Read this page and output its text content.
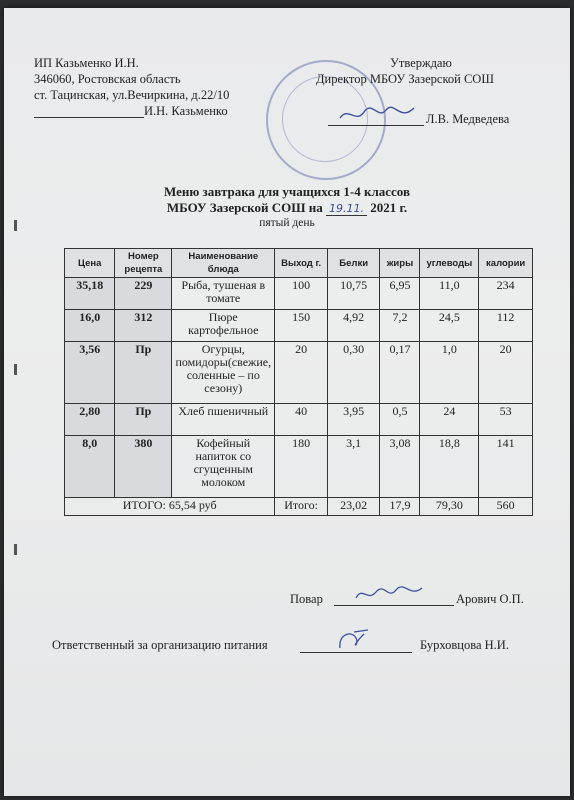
ИП Казьменко И.Н.
346060, Ростовская область
ст. Тацинская, ул.Вечиркина, д.22/10
И.Н. Казьменко
Утверждаю
Директор МБОУ Зазерской СОШ
Л.В. Медведева
Меню завтрака для учащихся 1-4 классов
МБОУ Зазерской СОШ на 19.11. 2021 г.
пятый день
Цена	Номер рецепта	Наименование блюда	Выход г.	Белки	жиры	углеводы	калории
35,18	229	Рыба, тушеная в томате	100	10,75	6,95	11,0	234
16,0	312	Пюре картофельное	150	4,92	7,2	24,5	112
3,56	Пр	Огурцы, помидоры(свежие, соленные – по сезону)	20	0,30	0,17	1,0	20
2,80	Пр	Хлеб пшеничный	40	3,95	0,5	24	53
8,0	380	Кофейный напиток со сгущенным молоком	180	3,1	3,08	18,8	141
ИТОГО: 65,54 руб			Итого:	23,02	17,9	79,30	560
Повар	Арович О.П.
Ответственный за организацию питания	Бурховцова Н.И.
